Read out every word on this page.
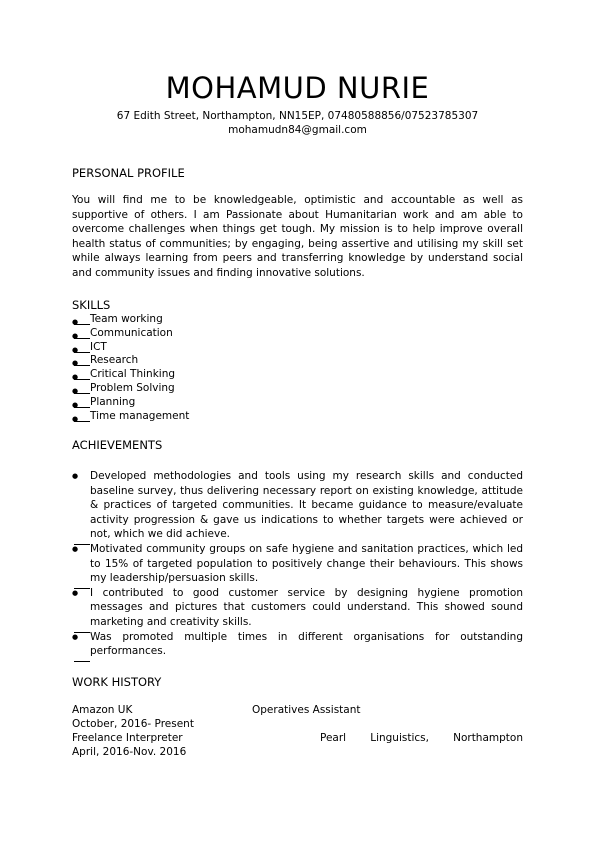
MOHAMUD NURIE
67 Edith Street, Northampton, NN15EP, 07480588856/07523785307
mohamudn84@gmail.com
PERSONAL PROFILE

You will find me to be knowledgeable, optimistic and accountable as well as supportive of others. I am Passionate about Humanitarian work and am able to overcome challenges when things get tough. My mission is to help improve overall health status of communities; by engaging, being assertive and utilising my skill set while always learning from peers and transferring knowledge by understand social and community issues and finding innovative solutions.

SKILLS
Team working
Communication
ICT
Research
Critical Thinking
Problem Solving
Planning
Time management
ACHIEVEMENTS
●
Developed methodologies and tools using my research skills and conducted baseline survey, thus delivering necessary report on existing knowledge, attitude & practices of targeted communities. It became guidance to measure/evaluate activity progression & gave us indications to whether targets were achieved or not, which we did achieve.
●
Motivated community groups on safe hygiene and sanitation practices, which led to 15% of targeted population to positively change their behaviours. This shows my leadership/persuasion skills.
●
I contributed to good customer service by designing hygiene promotion messages and pictures that customers could understand. This showed sound marketing and creativity skills.
●
Was promoted multiple times in different organisations for outstanding performances.
WORK HISTORY
Amazon UK	Operatives Assistant
October, 2016- Present
Freelance Interpreter	Pearl Linguistics, Northampton
April, 2016-Nov. 2016
